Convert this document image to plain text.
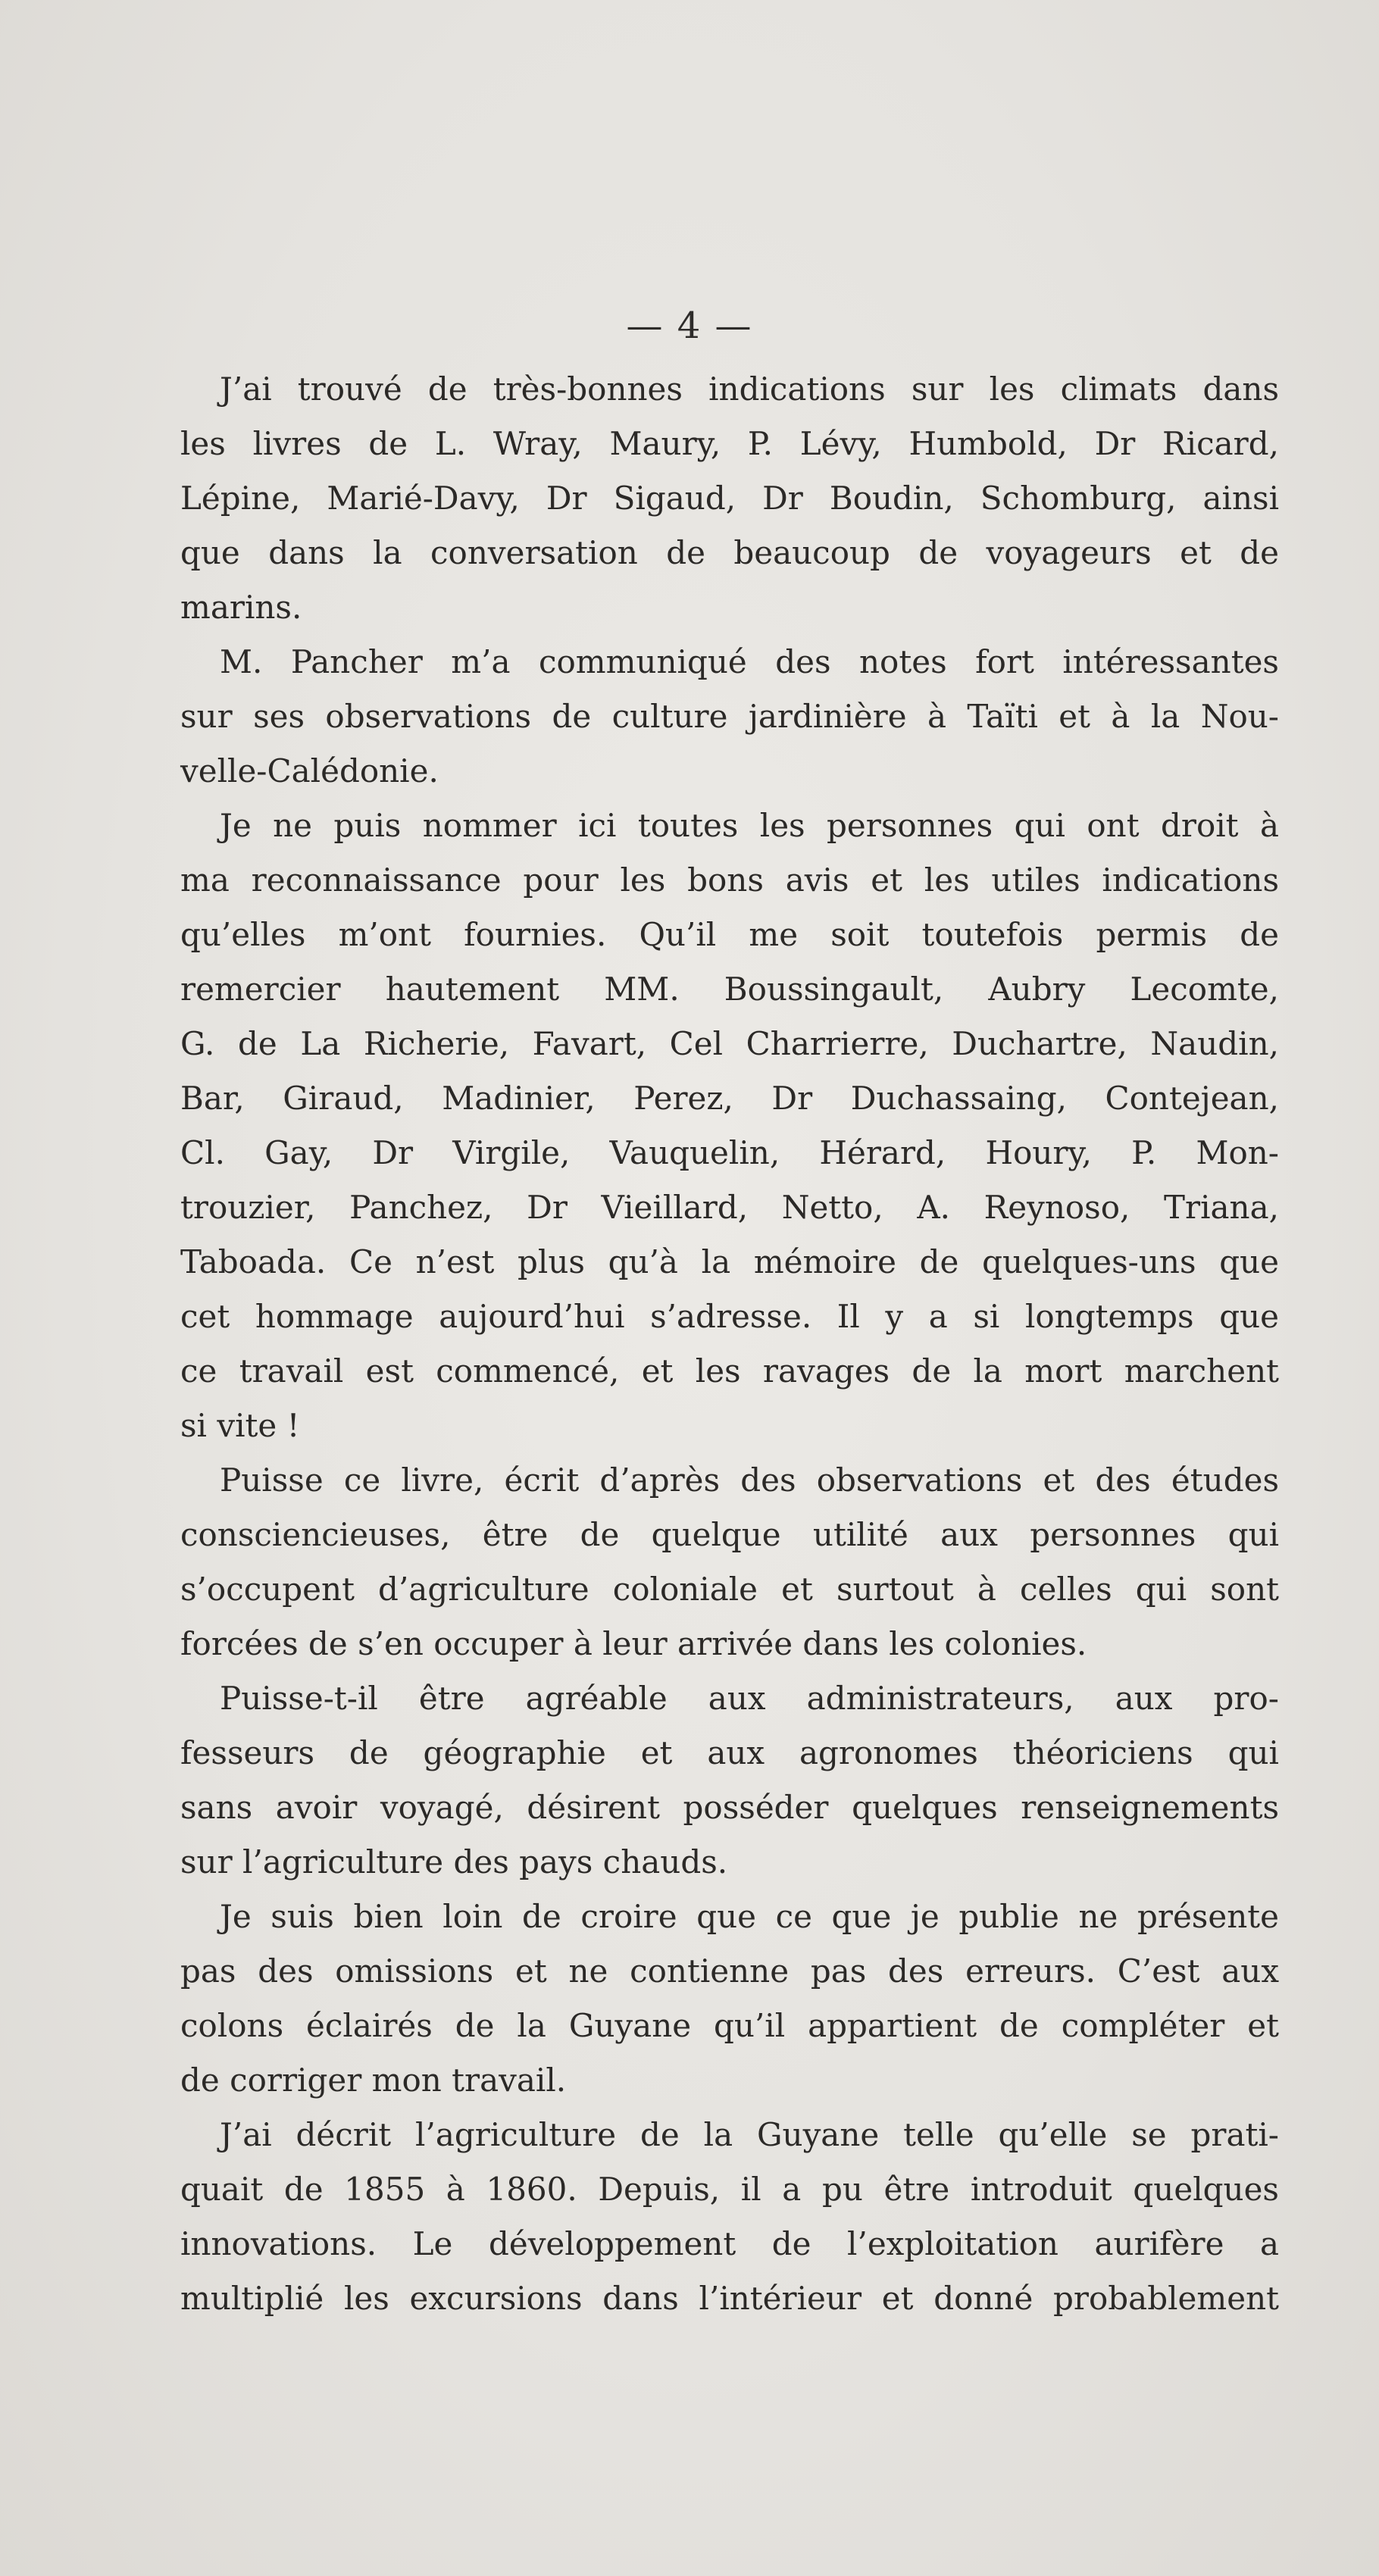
— 4 —

J’ai trouvé de très-bonnes indications sur les climats dans
les livres de L. Wray, Maury, P. Lévy, Humbold, Dr Ricard,
Lépine, Marié-Davy, Dr Sigaud, Dr Boudin, Schomburg, ainsi
que dans la conversation de beaucoup de voyageurs et de
marins.

M. Pancher m’a communiqué des notes fort intéressantes
sur ses observations de culture jardinière à Taïti et à la Nou-
velle-Calédonie.

Je ne puis nommer ici toutes les personnes qui ont droit à
ma reconnaissance pour les bons avis et les utiles indications
qu’elles m’ont fournies. Qu’il me soit toutefois permis de
remercier hautement MM. Boussingault, Aubry Lecomte,
G. de La Richerie, Favart, Cel Charrierre, Duchartre, Naudin,
Bar, Giraud, Madinier, Perez, Dr Duchassaing, Contejean,
Cl. Gay, Dr Virgile, Vauquelin, Hérard, Houry, P. Mon-
trouzier, Panchez, Dr Vieillard, Netto, A. Reynoso, Triana,
Taboada. Ce n’est plus qu’à la mémoire de quelques-uns que
cet hommage aujourd’hui s’adresse. Il y a si longtemps que
ce travail est commencé, et les ravages de la mort marchent
si vite !

Puisse ce livre, écrit d’après des observations et des études
consciencieuses, être de quelque utilité aux personnes qui
s’occupent d’agriculture coloniale et surtout à celles qui sont
forcées de s’en occuper à leur arrivée dans les colonies.

Puisse-t-il être agréable aux administrateurs, aux pro-
fesseurs de géographie et aux agronomes théoriciens qui
sans avoir voyagé, désirent posséder quelques renseignements
sur l’agriculture des pays chauds.

Je suis bien loin de croire que ce que je publie ne présente
pas des omissions et ne contienne pas des erreurs. C’est aux
colons éclairés de la Guyane qu’il appartient de compléter et
de corriger mon travail.

J’ai décrit l’agriculture de la Guyane telle qu’elle se prati-
quait de 1855 à 1860. Depuis, il a pu être introduit quelques
innovations. Le développement de l’exploitation aurifère a
multiplié les excursions dans l’intérieur et donné probablement
